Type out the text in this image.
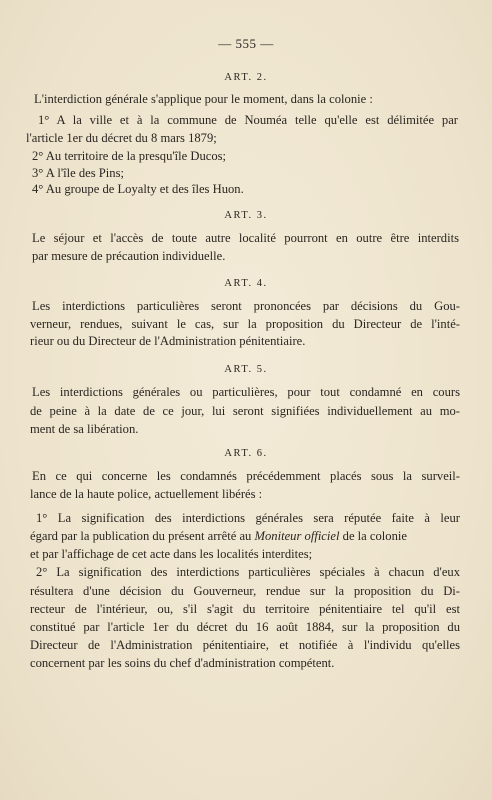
— 555 —
ART. 2.
L'interdiction générale s'applique pour le moment, dans la colonie :
1° A la ville et à la commune de Nouméa telle qu'elle est délimitée par
l'article 1er du décret du 8 mars 1879;
2° Au territoire de la presqu'île Ducos;
3° A l'île des Pins;
4° Au groupe de Loyalty et des îles Huon.
ART. 3.
Le séjour et l'accès de toute autre localité pourront en outre être interdits
par mesure de précaution individuelle.
ART. 4.
Les interdictions particulières seront prononcées par décisions du Gou-
verneur, rendues, suivant le cas, sur la proposition du Directeur de l'inté-
rieur ou du Directeur de l'Administration pénitentiaire.
ART. 5.
Les interdictions générales ou particulières, pour tout condamné en cours
de peine à la date de ce jour, lui seront signifiées individuellement au mo-
ment de sa libération.
ART. 6.
En ce qui concerne les condamnés précédemment placés sous la surveil-
lance de la haute police, actuellement libérés :
1° La signification des interdictions générales sera réputée faite à leur
égard par la publication du présent arrêté au Moniteur officiel de la colonie
et par l'affichage de cet acte dans les localités interdites;
2° La signification des interdictions particulières spéciales à chacun d'eux
résultera d'une décision du Gouverneur, rendue sur la proposition du Di-
recteur de l'intérieur, ou, s'il s'agit du territoire pénitentiaire tel qu'il est
constitué par l'article 1er du décret du 16 août 1884, sur la proposition du
Directeur de l'Administration pénitentiaire, et notifiée à l'individu qu'elles
concernent par les soins du chef d'administration compétent.
